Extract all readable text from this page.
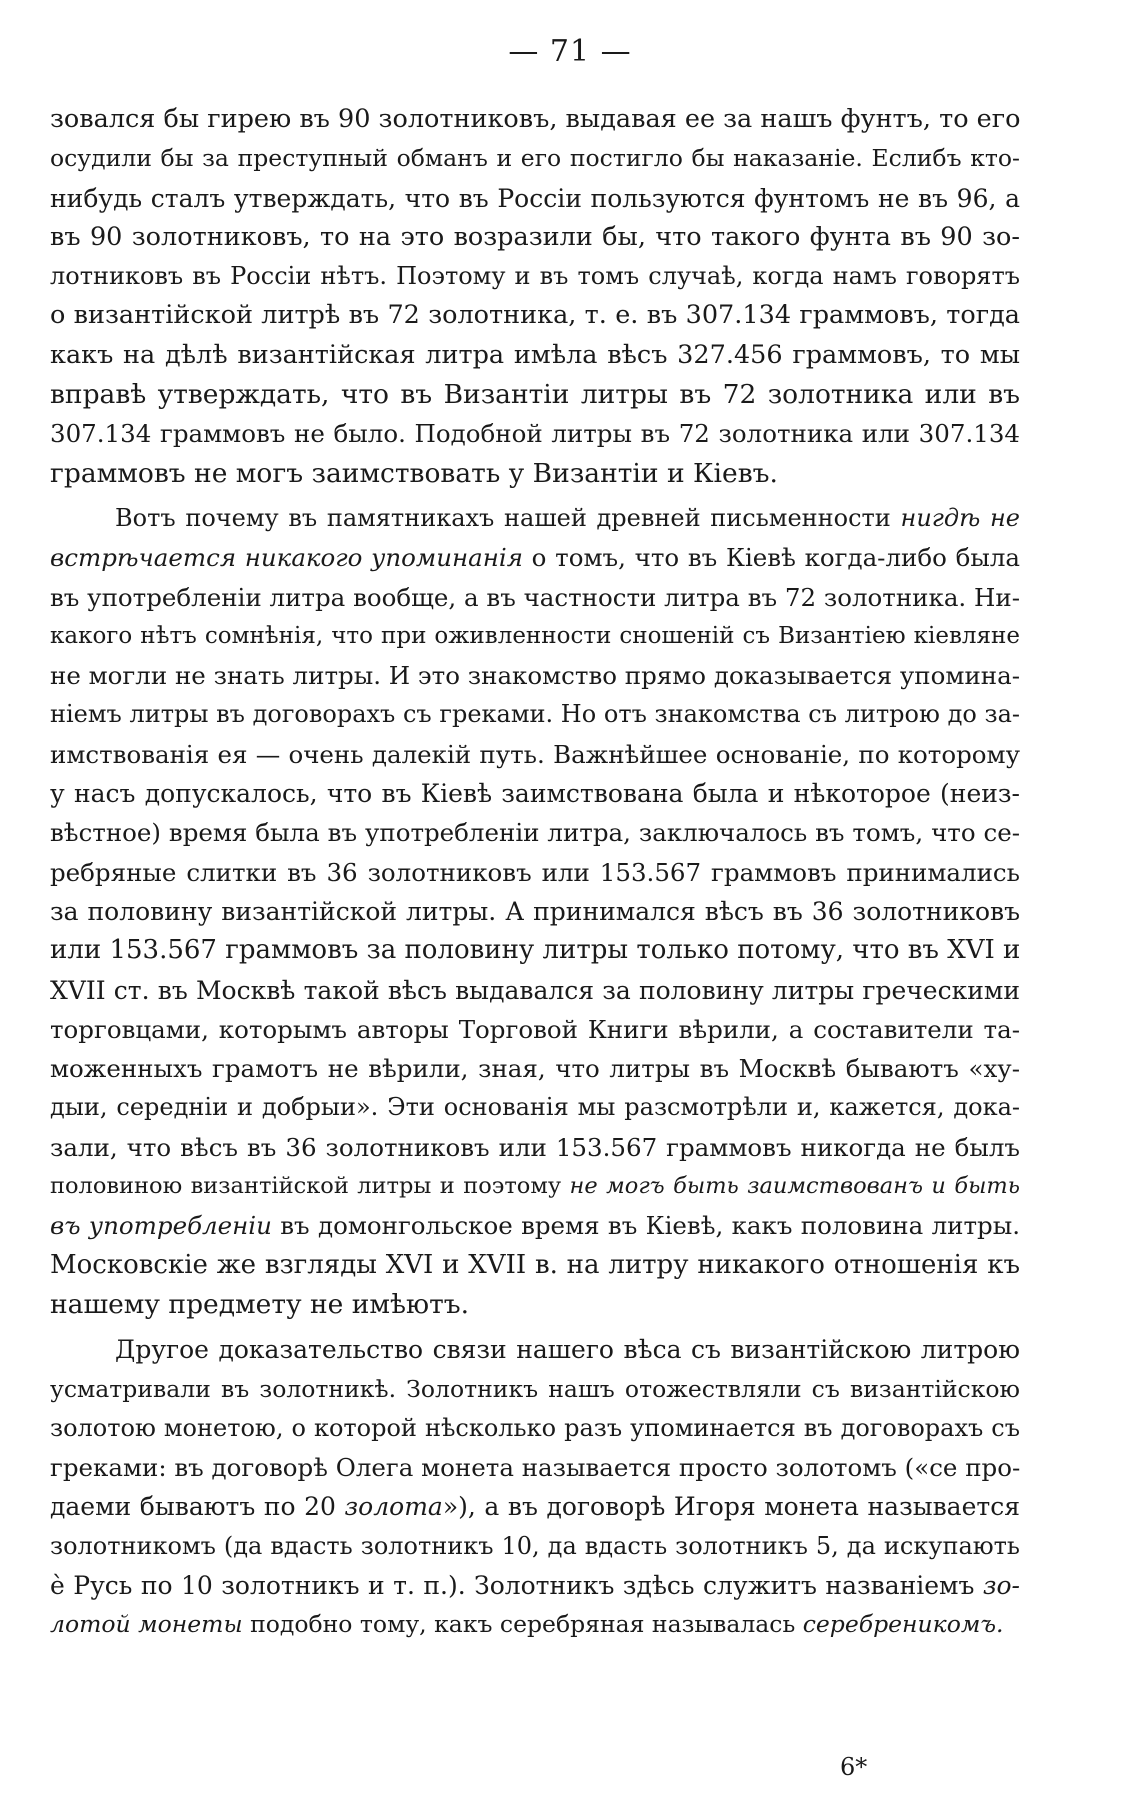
— 71 —
зовался бы гирею въ 90 золотниковъ, выдавая ее за нашъ фунтъ, то его
осудили бы за преступный обманъ и его постигло бы наказаніе. Еслибъ кто-
нибудь сталъ утверждать, что въ Россіи пользуются фунтомъ не въ 96, а
въ 90 золотниковъ, то на это возразили бы, что такого фунта въ 90 зо-
лотниковъ въ Россіи нѣтъ. Поэтому и въ томъ случаѣ, когда намъ говорятъ
о византійской литрѣ въ 72 золотника, т. е. въ 307.134 граммовъ, тогда
какъ на дѣлѣ византійская литра имѣла вѣсъ 327.456 граммовъ, то мы
вправѣ утверждать, что въ Византіи литры въ 72 золотника или въ
307.134 граммовъ не было. Подобной литры въ 72 золотника или 307.134
граммовъ не могъ заимствовать у Византіи и Кіевъ.
Вотъ почему въ памятникахъ нашей древней письменности нигдѣ не
встрѣчается никакого упоминанія о томъ, что въ Кіевѣ когда-либо была
въ употребленіи литра вообще, а въ частности литра въ 72 золотника. Ни-
какого нѣтъ сомнѣнія, что при оживленности сношеній съ Византіею кіевляне
не могли не знать литры. И это знакомство прямо доказывается упомина-
ніемъ литры въ договорахъ съ греками. Но отъ знакомства съ литрою до за-
имствованія ея — очень далекій путь. Важнѣйшее основаніе, по которому
у насъ допускалось, что въ Кіевѣ заимствована была и нѣкоторое (неиз-
вѣстное) время была въ употребленіи литра, заключалось въ томъ, что се-
ребряные слитки въ 36 золотниковъ или 153.567 граммовъ принимались
за половину византійской литры. А принимался вѣсъ въ 36 золотниковъ
или 153.567 граммовъ за половину литры только потому, что въ XVI и
XVII ст. въ Москвѣ такой вѣсъ выдавался за половину литры греческими
торговцами, которымъ авторы Торговой Книги вѣрили, а составители та-
моженныхъ грамотъ не вѣрили, зная, что литры въ Москвѣ бываютъ «ху-
дыи, середніи и добрыи». Эти основанія мы разсмотрѣли и, кажется, дока-
зали, что вѣсъ въ 36 золотниковъ или 153.567 граммовъ никогда не былъ
половиною византійской литры и поэтому не могъ быть заимствованъ и быть
въ употребленіи въ домонгольское время въ Кіевѣ, какъ половина литры.
Московскіе же взгляды XVI и XVII в. на литру никакого отношенія къ
нашему предмету не имѣютъ.
Другое доказательство связи нашего вѣса съ византійскою литрою
усматривали въ золотникѣ. Золотникъ нашъ отожествляли съ византійскою
золотою монетою, о которой нѣсколько разъ упоминается въ договорахъ съ
греками: въ договорѣ Олега монета называется просто золотомъ («се про-
даеми бываютъ по 20 золота»), а въ договорѣ Игоря монета называется
золотникомъ (да вдасть золотникъ 10, да вдасть золотникъ 5, да искупають
ѐ Русь по 10 золотникъ и т. п.). Золотникъ здѣсь служитъ названіемъ зо-
лотой монеты подобно тому, какъ серебряная называлась серебреникомъ.
6*
